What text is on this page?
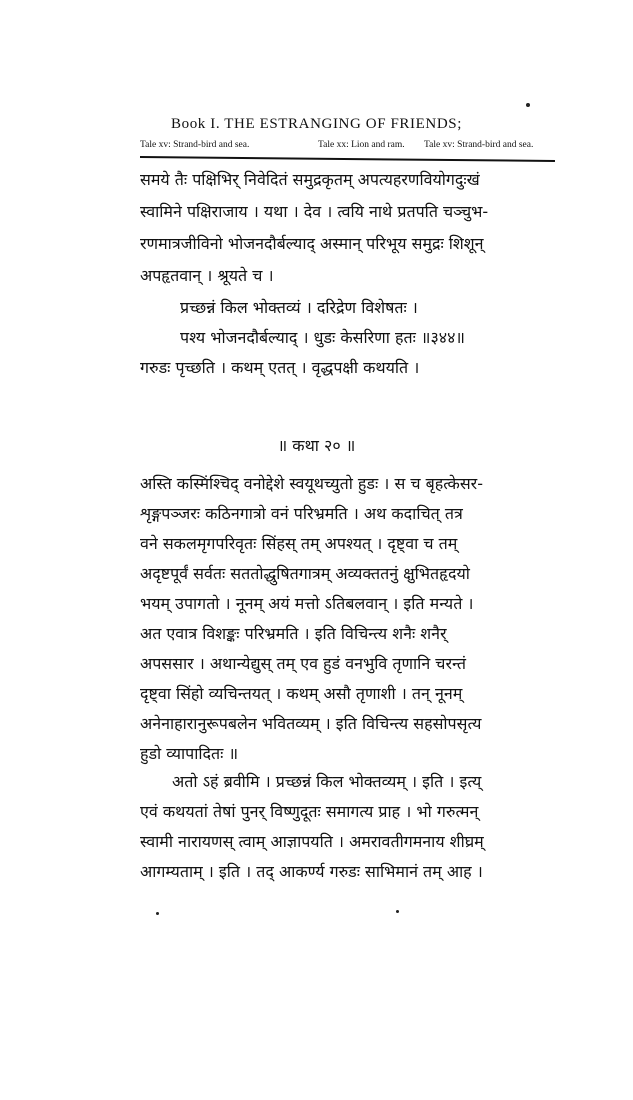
Book I. THE ESTRANGING OF FRIENDS;
Tale xv: Strand-bird and sea.	Tale xx: Lion and ram. Tale xv: Strand-bird and sea.
समये तैः पक्षिभिर् निवेदितं समुद्रकृतम् अपत्यहरणवियोगदुःखं
स्वामिने पक्षिराजाय । यथा । देव । त्वयि नाथे प्रतपति चञ्चुभ-
रणमात्रजीविनो भोजनदौर्बल्याद् अस्मान् परिभूय समुद्रः शिशून्
अपहृतवान् । श्रूयते च ।
प्रच्छन्नं किल भोक्तव्यं । दरिद्रेण विशेषतः ।
पश्य भोजनदौर्बल्याद् । धुडः केसरिणा हतः ॥३४४॥
गरुडः पृच्छति । कथम् एतत् । वृद्धपक्षी कथयति ।
॥ कथा २० ॥
अस्ति कस्मिंश्चिद् वनोद्देशे स्वयूथच्युतो हुडः । स च बृहत्केसर-
शृङ्गपञ्जरः कठिनगात्रो वनं परिभ्रमति । अथ कदाचित् तत्र
वने सकलमृगपरिवृतः सिंहस् तम् अपश्यत् । दृष्ट्वा च तम्
अदृष्टपूर्वं सर्वतः सततोद्धुषितगात्रम् अव्यक्ततनुं क्षुभितहृदयो
भयम् उपागतो । नूनम् अयं मत्तो ऽतिबलवान् । इति मन्यते ।
अत एवात्र विशङ्कः परिभ्रमति । इति विचिन्त्य शनैः शनैर्
अपससार । अथान्येद्युस् तम् एव हुडं वनभुवि तृणानि चरन्तं
दृष्ट्वा सिंहो व्यचिन्तयत् । कथम् असौ तृणाशी । तन् नूनम्
अनेनाहारानुरूपबलेन भवितव्यम् । इति विचिन्त्य सहसोपसृत्य
हुडो व्यापादितः ॥
अतो ऽहं ब्रवीमि । प्रच्छन्नं किल भोक्तव्यम् । इति । इत्य्
एवं कथयतां तेषां पुनर् विष्णुदूतः समागत्य प्राह । भो गरुत्मन्
स्वामी नारायणस् त्वाम् आज्ञापयति । अमरावतीगमनाय शीघ्रम्
आगम्यताम् । इति । तद् आकर्ण्य गरुडः साभिमानं तम् आह ।
